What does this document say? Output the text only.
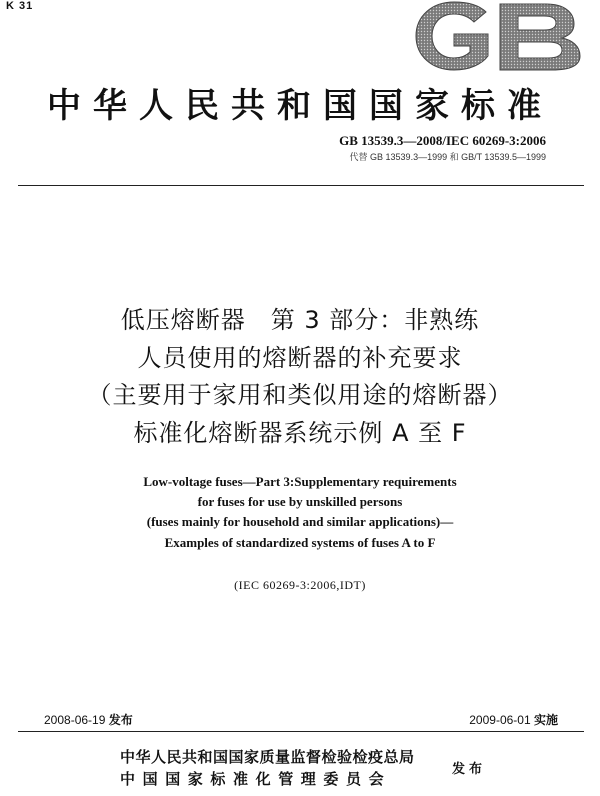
K 31
中华人民共和国国家标准
GB 13539.3—2008/IEC 60269-3:2006
代替 GB 13539.3—1999 和 GB/T 13539.5—1999
低压熔断器　第 3 部分：非熟练
人员使用的熔断器的补充要求
（主要用于家用和类似用途的熔断器）
标准化熔断器系统示例 A 至 F
Low-voltage fuses—Part 3:Supplementary requirements
for fuses for use by unskilled persons
(fuses mainly for household and similar applications)—
Examples of standardized systems of fuses A to F
(IEC 60269-3:2006,IDT)
2008-06-19 发布	2009-06-01 实施
中华人民共和国国家质量监督检验检疫总局
中国国家标准化管理委员会
发布
